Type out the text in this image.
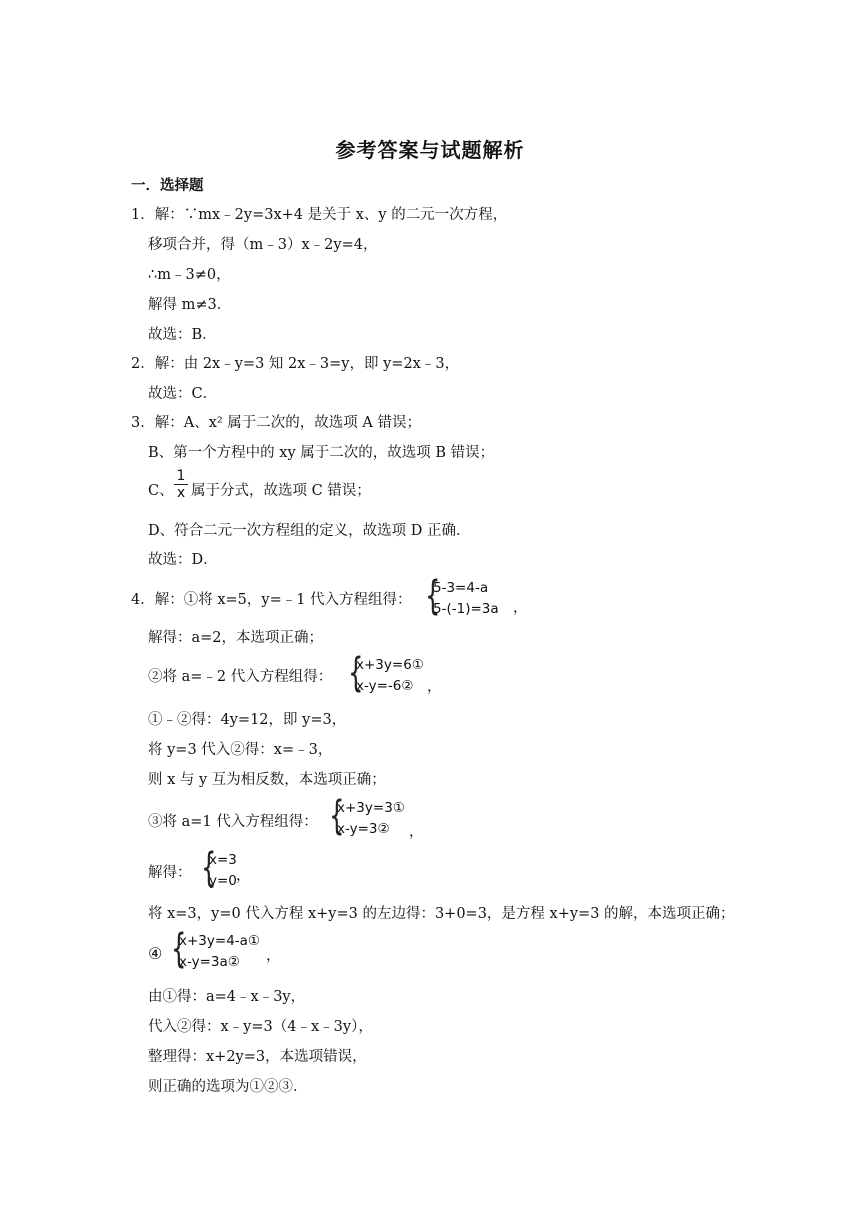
参考答案与试题解析
一．选择题
1．解：∵mx﹣2y=3x+4 是关于 x、y 的二元一次方程，
移项合并，得（m﹣3）x﹣2y=4，
∴m﹣3≠0，
解得 m≠3．
故选：B．
2．解：由 2x﹣y=3 知 2x﹣3=y，即 y=2x﹣3，
故选：C．
3．解：A、x² 属于二次的，故选项 A 错误；
B、第一个方程中的 xy 属于二次的，故选项 B 错误；
C、
1
x 属于分式，故选项 C 错误；
D、符合二元一次方程组的定义，故选项 D 正确．
故选：D．
4．解：①将 x=5，y=﹣1 代入方程组得： {
5-3=4-a
5-(-1)=3a ，
解得：a=2，本选项正确；
②将 a=﹣2 代入方程组得： {
x+3y=6①
x-y=-6② ，
①﹣②得：4y=12，即 y=3，
将 y=3 代入②得：x=﹣3，
则 x 与 y 互为相反数，本选项正确；
③将 a=1 代入方程组得： {
x+3y=3①
x-y=3② ，
解得： {
x=3
y=0 ，
将 x=3，y=0 代入方程 x+y=3 的左边得：3+0=3，是方程 x+y=3 的解，本选项正确；
④ {
x+3y=4-a①
x-y=3a② ，
由①得：a=4﹣x﹣3y，
代入②得：x﹣y=3（4﹣x﹣3y），
整理得：x+2y=3，本选项错误，
则正确的选项为①②③．
